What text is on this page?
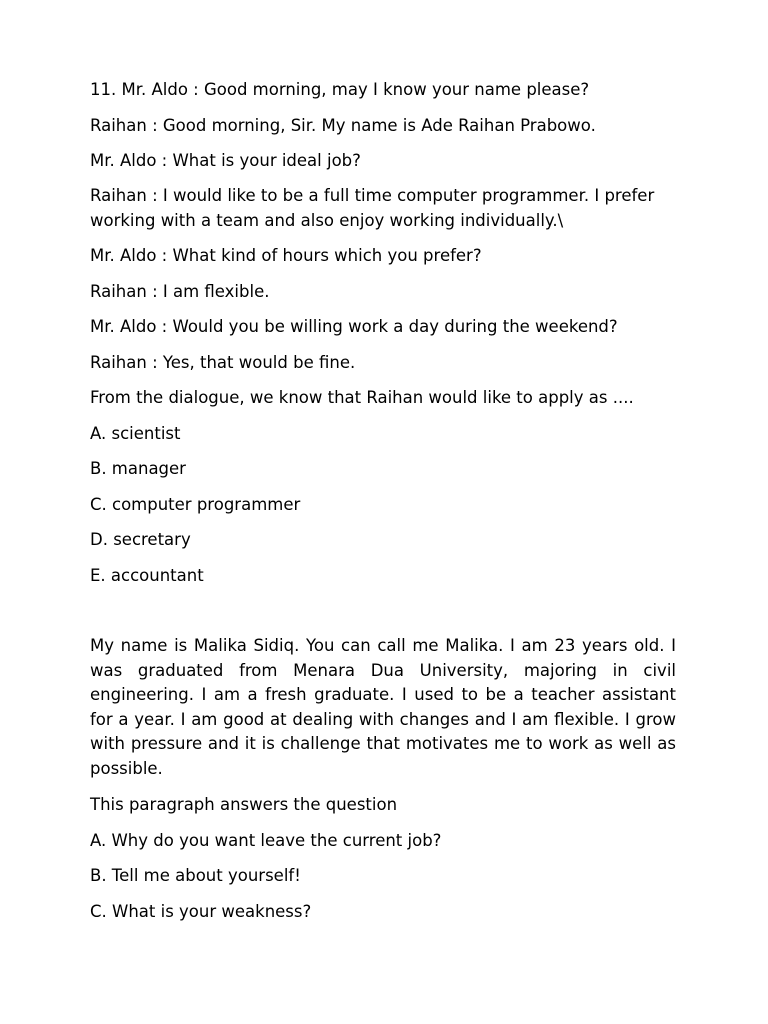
11. Mr. Aldo : Good morning, may I know your name please?

Raihan : Good morning, Sir. My name is Ade Raihan Prabowo.

Mr. Aldo : What is your ideal job?

Raihan : I would like to be a full time computer programmer. I prefer working with a team and also enjoy working individually.\

Mr. Aldo : What kind of hours which you prefer?

Raihan : I am flexible.

Mr. Aldo : Would you be willing work a day during the weekend?

Raihan : Yes, that would be fine.

From the dialogue, we know that Raihan would like to apply as ....

A. scientist

B. manager

C. computer programmer

D. secretary

E. accountant

My name is Malika Sidiq. You can call me Malika. I am 23 years old. I was graduated from Menara Dua University, majoring in civil engineering. I am a fresh graduate. I used to be a teacher assistant for a year. I am good at dealing with changes and I am flexible. I grow with pressure and it is challenge that motivates me to work as well as possible.

This paragraph answers the question

A. Why do you want leave the current job?

B. Tell me about yourself!

C. What is your weakness?
